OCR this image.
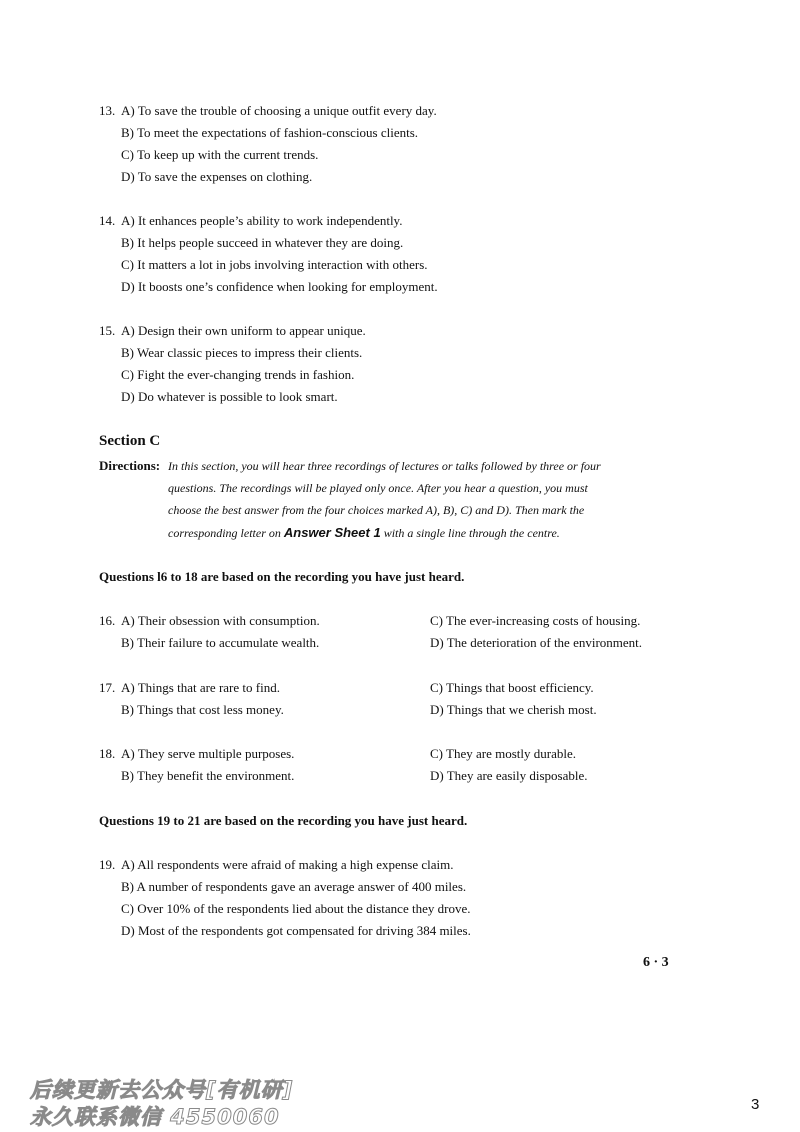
13. A) To save the trouble of choosing a unique outfit every day.
B) To meet the expectations of fashion-conscious clients.
C) To keep up with the current trends.
D) To save the expenses on clothing.
14. A) It enhances people’s ability to work independently.
B) It helps people succeed in whatever they are doing.
C) It matters a lot in jobs involving interaction with others.
D) It boosts one’s confidence when looking for employment.
15. A) Design their own uniform to appear unique.
B) Wear classic pieces to impress their clients.
C) Fight the ever-changing trends in fashion.
D) Do whatever is possible to look smart.
Section C
Directions: In this section, you will hear three recordings of lectures or talks followed by three or four
questions. The recordings will be played only once. After you hear a question, you must
choose the best answer from the four choices marked A), B), C) and D). Then mark the
corresponding letter on Answer Sheet 1 with a single line through the centre.
Questions l6 to 18 are based on the recording you have just heard.
16. A) Their obsession with consumption.
B) Their failure to accumulate wealth.
C) The ever-increasing costs of housing.
D) The deterioration of the environment.
17. A) Things that are rare to find.
B) Things that cost less money.
C) Things that boost efficiency.
D) Things that we cherish most.
18. A) They serve multiple purposes.
B) They benefit the environment.
C) They are mostly durable.
D) They are easily disposable.
Questions 19 to 21 are based on the recording you have just heard.
19. A) All respondents were afraid of making a high expense claim.
B) A number of respondents gave an average answer of 400 miles.
C) Over 10% of the respondents lied about the distance they drove.
D) Most of the respondents got compensated for driving 384 miles.
6 · 3
后续更新去公众号[有机研]
永久联系微信 4550060
3
